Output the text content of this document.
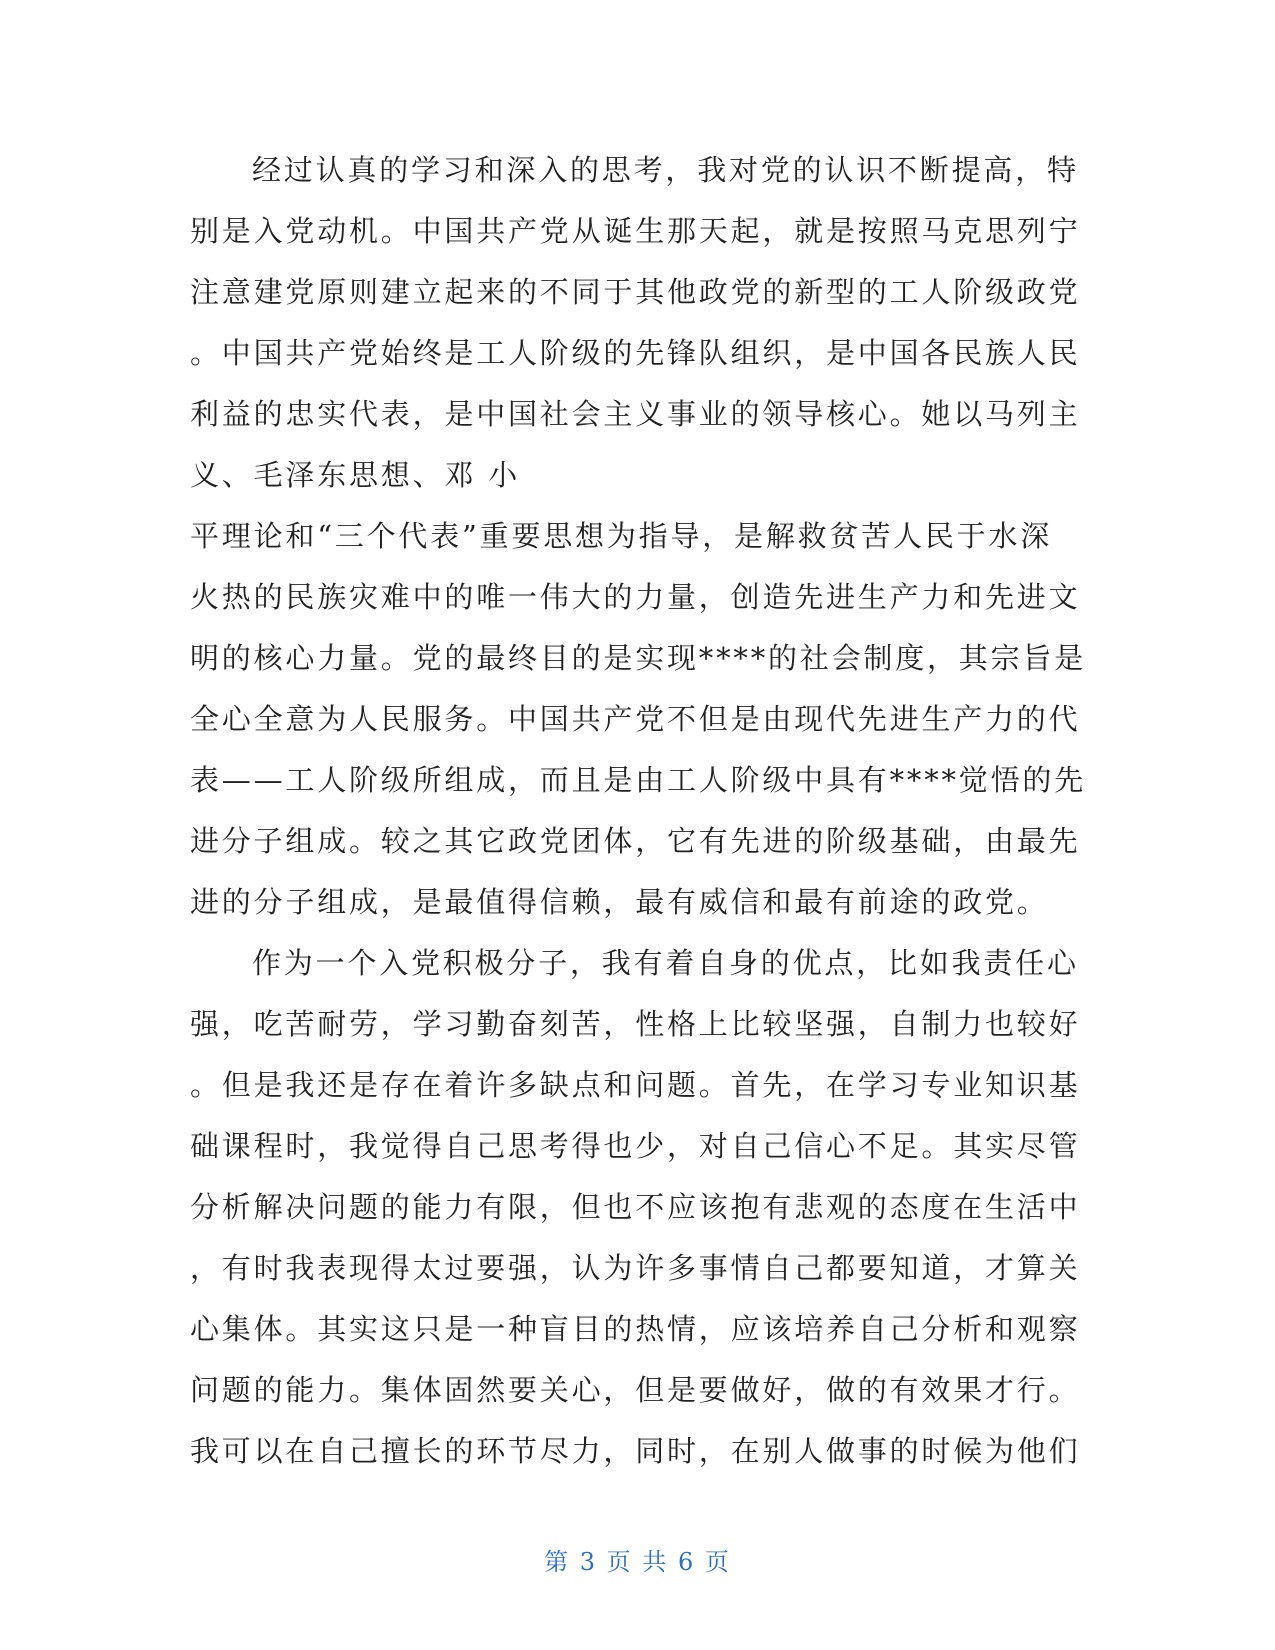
经过认真的学习和深入的思考，我对党的认识不断提高，特
别是入党动机。中国共产党从诞生那天起，就是按照马克思列宁
注意建党原则建立起来的不同于其他政党的新型的工人阶级政党
。中国共产党始终是工人阶级的先锋队组织，是中国各民族人民
利益的忠实代表，是中国社会主义事业的领导核心。她以马列主
义、毛泽东思想、邓 小
平理论和“三个代表”重要思想为指导，是解救贫苦人民于水深
火热的民族灾难中的唯一伟大的力量，创造先进生产力和先进文
明的核心力量。党的最终目的是实现****的社会制度，其宗旨是
全心全意为人民服务。中国共产党不但是由现代先进生产力的代
表——工人阶级所组成，而且是由工人阶级中具有****觉悟的先
进分子组成。较之其它政党团体，它有先进的阶级基础，由最先
进的分子组成，是最值得信赖，最有威信和最有前途的政党。
作为一个入党积极分子，我有着自身的优点，比如我责任心
强，吃苦耐劳，学习勤奋刻苦，性格上比较坚强，自制力也较好
。但是我还是存在着许多缺点和问题。首先，在学习专业知识基
础课程时，我觉得自己思考得也少，对自己信心不足。其实尽管
分析解决问题的能力有限，但也不应该抱有悲观的态度在生活中
，有时我表现得太过要强，认为许多事情自己都要知道，才算关
心集体。其实这只是一种盲目的热情，应该培养自己分析和观察
问题的能力。集体固然要关心，但是要做好，做的有效果才行。
我可以在自己擅长的环节尽力，同时，在别人做事的时候为他们
第 3 页 共 6 页
